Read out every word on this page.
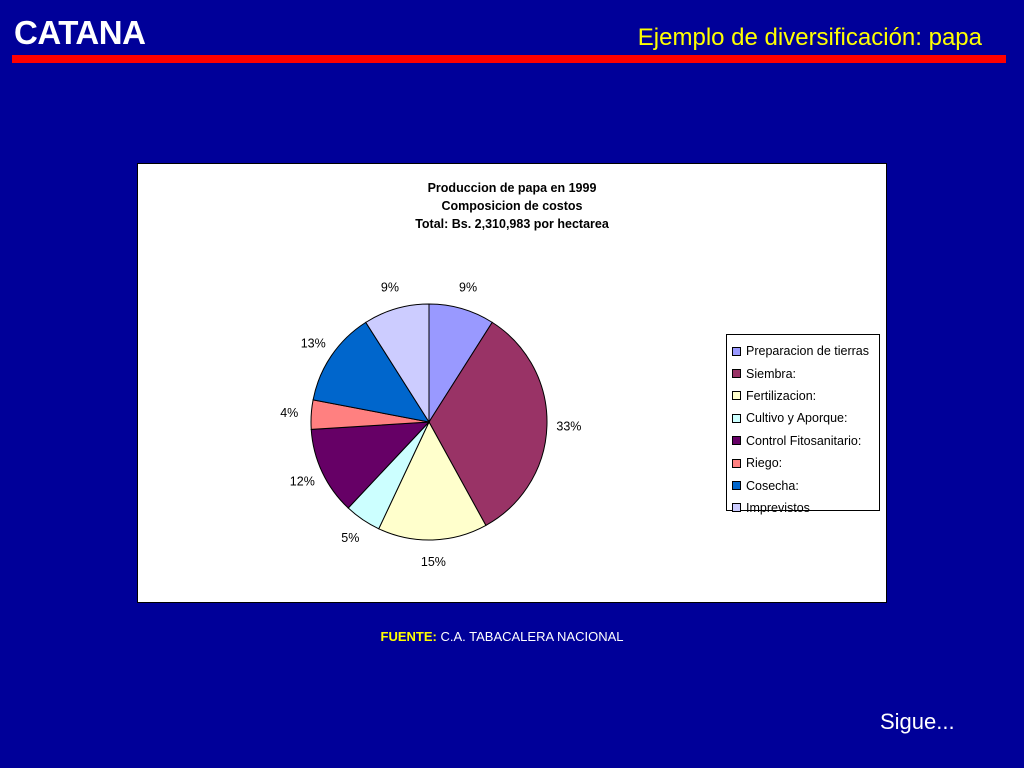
CATANA	Ejemplo de diversificación: papa
Produccion de papa en 1999
Composicion de costos
Total: Bs. 2,310,983 por hectarea
9%
33%
15%
5%
12%
4%
13%
9%
Preparacion de tierras
Siembra:
Fertilizacion:
Cultivo y Aporque:
Control Fitosanitario:
Riego:
Cosecha:
Imprevistos
FUENTE: C.A. TABACALERA NACIONAL
Sigue...
